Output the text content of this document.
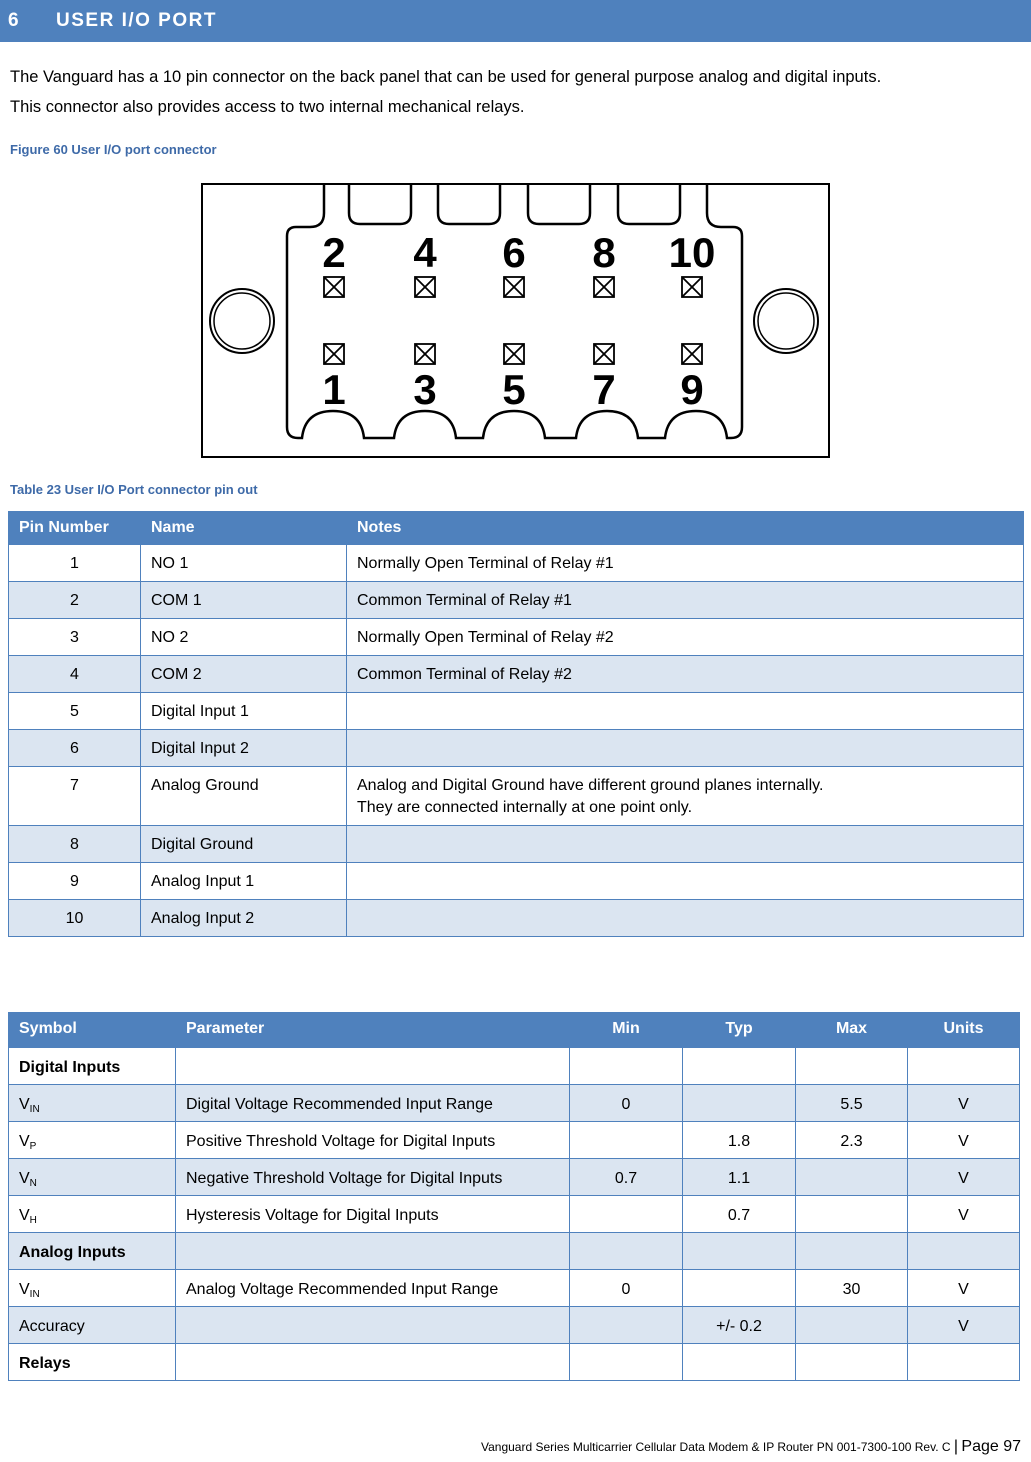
6	USER I/O PORT
The Vanguard has a 10 pin connector on the back panel that can be used for general purpose analog and digital inputs.
This connector also provides access to two internal mechanical relays.
Figure 60 User I/O port connector
2 4 6 8 10
1 3 5 7 9
Table 23 User I/O Port connector pin out
Pin Number	Name	Notes
1	NO 1	Normally Open Terminal of Relay #1

2	COM 1	Common Terminal of Relay #1

3	NO 2	Normally Open Terminal of Relay #2

4	COM 2	Common Terminal of Relay #2

5	Digital Input 1	
6	Digital Input 2	
7	Analog Ground	Analog and Digital Ground have different ground planes internally.
They are connected internally at one point only.

8	Digital Ground	
9	Analog Input 1	
10	Analog Input 2	
Symbol	Parameter	Min	Typ	Max	Units
Digital Inputs					
$V_{IN}$	Digital Voltage Recommended Input Range	0		5.5	V
$V_P$	Positive Threshold Voltage for Digital Inputs		1.8	2.3	V
$V_N$	Negative Threshold Voltage for Digital Inputs	0.7	1.1		V
$V_H$	Hysteresis Voltage for Digital Inputs		0.7		V
Analog Inputs					
$V_{IN}$	Analog Voltage Recommended Input Range	0		30	V
Accuracy			+/- 0.2		V
Relays					
Vanguard Series Multicarrier Cellular Data Modem & IP Router PN 001-7300-100 Rev. C | Page 97
